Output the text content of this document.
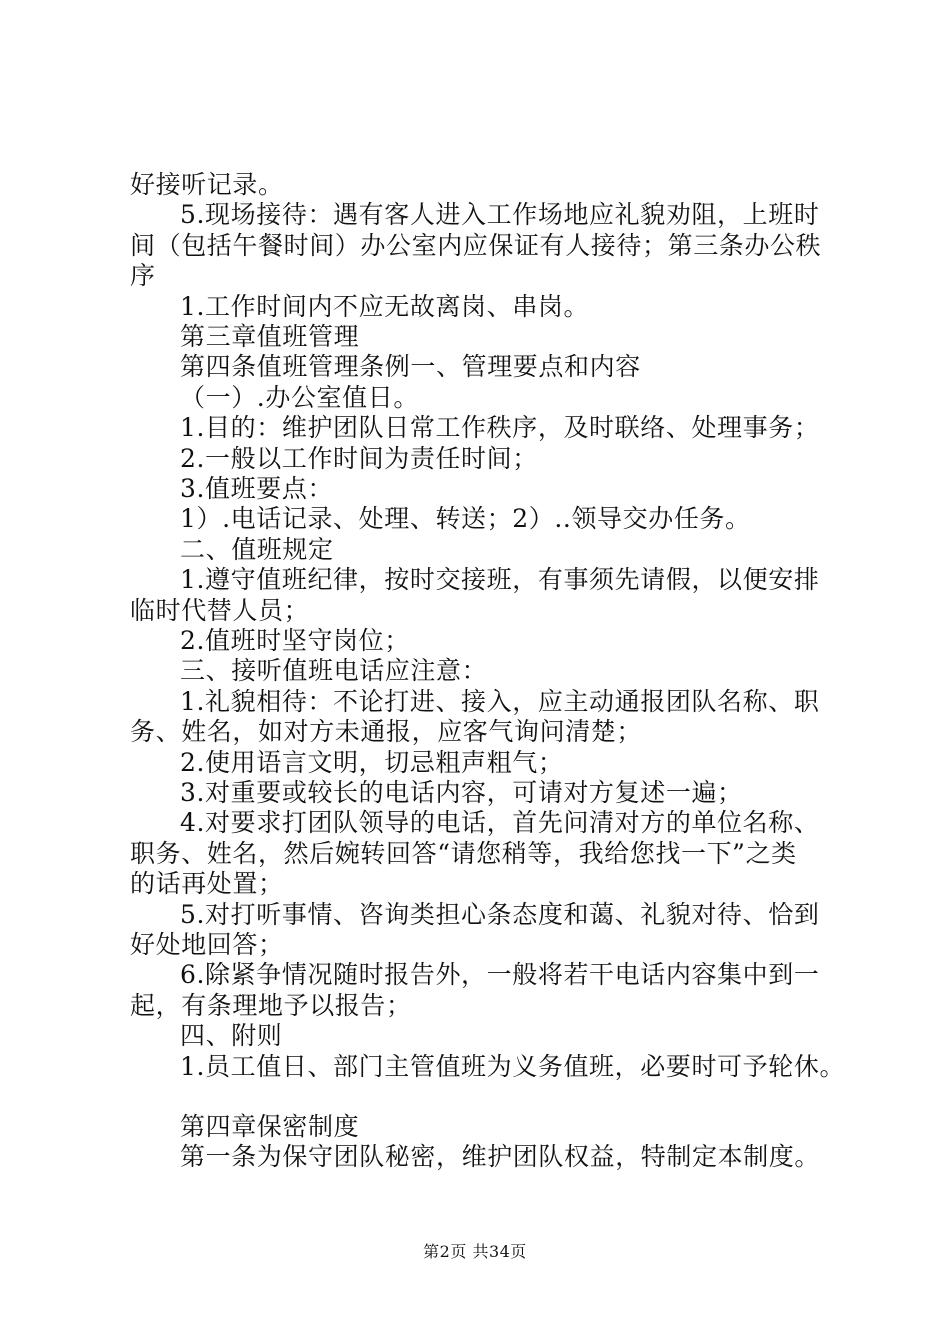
好接听记录。
5.现场接待：遇有客人进入工作场地应礼貌劝阻，上班时
间（包括午餐时间）办公室内应保证有人接待；第三条办公秩
序
1.工作时间内不应无故离岗、串岗。
第三章值班管理
第四条值班管理条例一、管理要点和内容
（一）.办公室值日。
1.目的：维护团队日常工作秩序，及时联络、处理事务；
2.一般以工作时间为责任时间；
3.值班要点：
1）.电话记录、处理、转送；2）..领导交办任务。
二、值班规定
1.遵守值班纪律，按时交接班，有事须先请假，以便安排
临时代替人员；
2.值班时坚守岗位；
三、接听值班电话应注意：
1.礼貌相待：不论打进、接入，应主动通报团队名称、职
务、姓名，如对方未通报，应客气询问清楚；
2.使用语言文明，切忌粗声粗气；
3.对重要或较长的电话内容，可请对方复述一遍；
4.对要求打团队领导的电话，首先问清对方的单位名称、
职务、姓名，然后婉转回答“请您稍等，我给您找一下”之类
的话再处置；
5.对打听事情、咨询类担心条态度和蔼、礼貌对待、恰到
好处地回答；
6.除紧争情况随时报告外，一般将若干电话内容集中到一
起，有条理地予以报告；
四、附则
1.员工值日、部门主管值班为义务值班，必要时可予轮休。
第四章保密制度
第一条为保守团队秘密，维护团队权益，特制定本制度。
第2页 共34页
